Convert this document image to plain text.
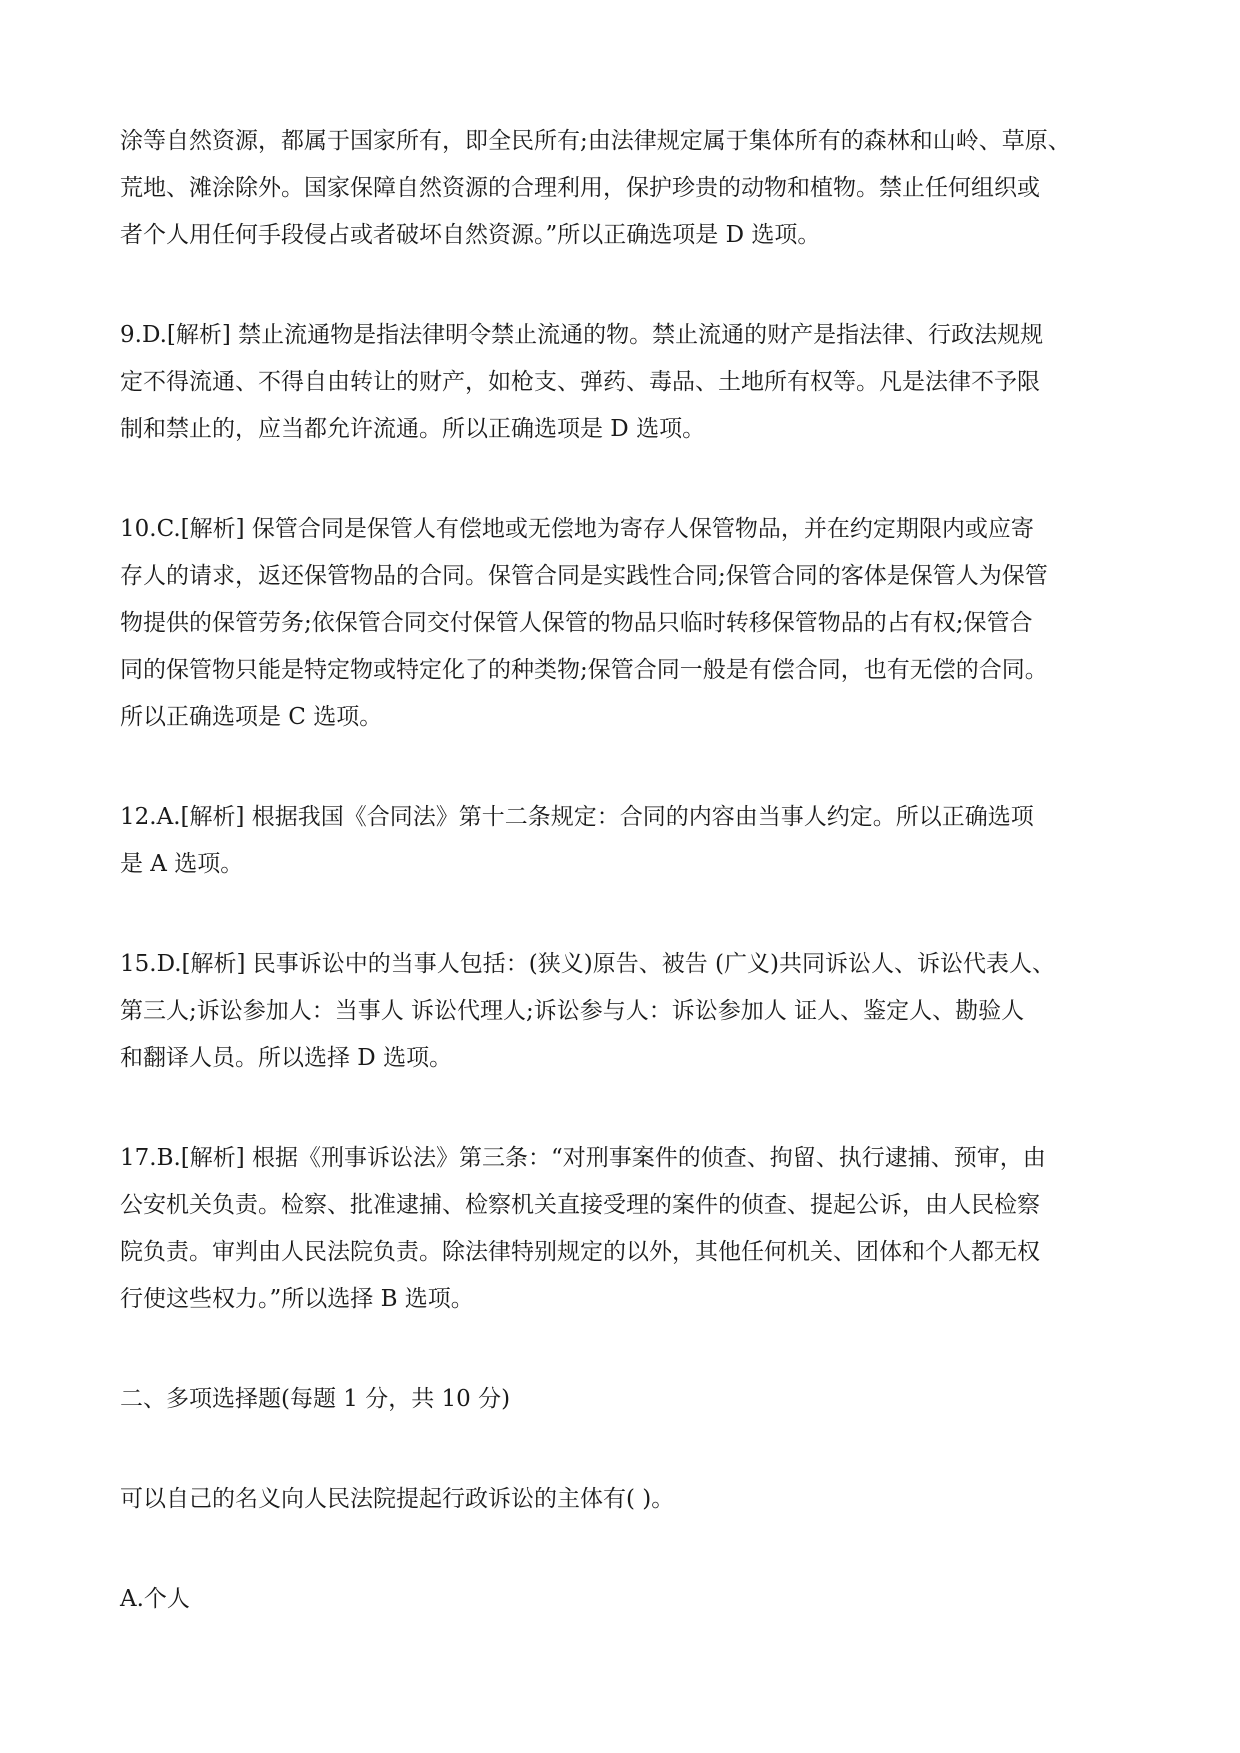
涂等自然资源，都属于国家所有，即全民所有;由法律规定属于集体所有的森林和山岭、草原、
荒地、滩涂除外。国家保障自然资源的合理利用，保护珍贵的动物和植物。禁止任何组织或
者个人用任何手段侵占或者破坏自然资源。”所以正确选项是 D 选项。

9.D.[解析] 禁止流通物是指法律明令禁止流通的物。禁止流通的财产是指法律、行政法规规
定不得流通、不得自由转让的财产，如枪支、弹药、毒品、土地所有权等。凡是法律不予限
制和禁止的，应当都允许流通。所以正确选项是 D 选项。

10.C.[解析] 保管合同是保管人有偿地或无偿地为寄存人保管物品，并在约定期限内或应寄
存人的请求，返还保管物品的合同。保管合同是实践性合同;保管合同的客体是保管人为保管
物提供的保管劳务;依保管合同交付保管人保管的物品只临时转移保管物品的占有权;保管合
同的保管物只能是特定物或特定化了的种类物;保管合同一般是有偿合同，也有无偿的合同。
所以正确选项是 C 选项。

12.A.[解析] 根据我国《合同法》第十二条规定：合同的内容由当事人约定。所以正确选项
是 A 选项。

15.D.[解析] 民事诉讼中的当事人包括：(狭义)原告、被告 (广义)共同诉讼人、诉讼代表人、
第三人;诉讼参加人：当事人 诉讼代理人;诉讼参与人：诉讼参加人 证人、鉴定人、勘验人
和翻译人员。所以选择 D 选项。

17.B.[解析] 根据《刑事诉讼法》第三条：“对刑事案件的侦查、拘留、执行逮捕、预审，由
公安机关负责。检察、批准逮捕、检察机关直接受理的案件的侦查、提起公诉，由人民检察
院负责。审判由人民法院负责。除法律特别规定的以外，其他任何机关、团体和个人都无权
行使这些权力。”所以选择 B 选项。

二、多项选择题(每题 1 分，共 10 分)

可以自己的名义向人民法院提起行政诉讼的主体有( )。

A.个人
